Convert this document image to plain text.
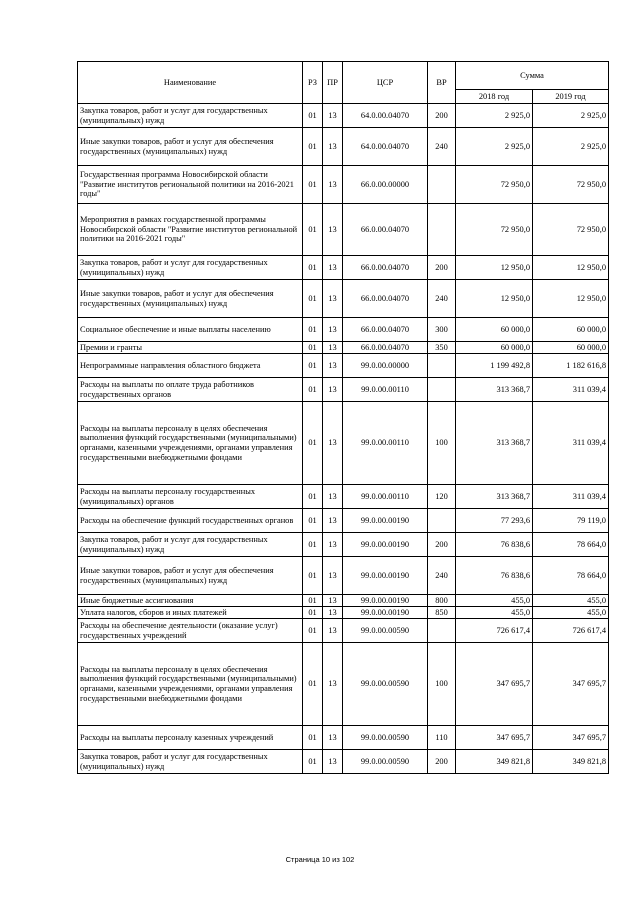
Наименование	РЗ	ПР	ЦСР	ВР	Сумма	
					2018 год	2019 год
Закупка товаров, работ и услуг для государственных (муниципальных) нужд	01	13	64.0.00.04070	200	2 925,0	2 925,0
Иные закупки товаров, работ и услуг для обеспечения государственных (муниципальных) нужд	01	13	64.0.00.04070	240	2 925,0	2 925,0
Государственная программа Новосибирской области "Развитие институтов региональной политики на 2016-2021 годы"	01	13	66.0.00.00000		72 950,0	72 950,0
Мероприятия в рамках государственной программы Новосибирской области "Развитие институтов региональной политики на 2016-2021 годы"	01	13	66.0.00.04070		72 950,0	72 950,0
Закупка товаров, работ и услуг для государственных (муниципальных) нужд	01	13	66.0.00.04070	200	12 950,0	12 950,0
Иные закупки товаров, работ и услуг для обеспечения государственных (муниципальных) нужд	01	13	66.0.00.04070	240	12 950,0	12 950,0
Социальное обеспечение и иные выплаты населению	01	13	66.0.00.04070	300	60 000,0	60 000,0
Премии и гранты	01	13	66.0.00.04070	350	60 000,0	60 000,0
Непрограммные направления областного бюджета	01	13	99.0.00.00000		1 199 492,8	1 182 616,8
Расходы на выплаты по оплате труда работников государственных органов	01	13	99.0.00.00110		313 368,7	311 039,4
Расходы на выплаты персоналу в целях обеспечения выполнения функций государственными (муниципальными) органами, казенными учреждениями, органами управления государственными внебюджетными фондами	01	13	99.0.00.00110	100	313 368,7	311 039,4
Расходы на выплаты персоналу государственных (муниципальных) органов	01	13	99.0.00.00110	120	313 368,7	311 039,4
Расходы на обеспечение функций государственных органов	01	13	99.0.00.00190		77 293,6	79 119,0
Закупка товаров, работ и услуг для государственных (муниципальных) нужд	01	13	99.0.00.00190	200	76 838,6	78 664,0
Иные закупки товаров, работ и услуг для обеспечения государственных (муниципальных) нужд	01	13	99.0.00.00190	240	76 838,6	78 664,0
Иные бюджетные ассигнования	01	13	99.0.00.00190	800	455,0	455,0
Уплата налогов, сборов и иных платежей	01	13	99.0.00.00190	850	455,0	455,0
Расходы на обеспечение деятельности (оказание услуг) государственных учреждений	01	13	99.0.00.00590		726 617,4	726 617,4
Расходы на выплаты персоналу в целях обеспечения выполнения функций государственными (муниципальными) органами, казенными учреждениями, органами управления государственными внебюджетными фондами	01	13	99.0.00.00590	100	347 695,7	347 695,7
Расходы на выплаты персоналу казенных учреждений	01	13	99.0.00.00590	110	347 695,7	347 695,7
Закупка товаров, работ и услуг для государственных (муниципальных) нужд	01	13	99.0.00.00590	200	349 821,8	349 821,8
Страница 10 из 102
